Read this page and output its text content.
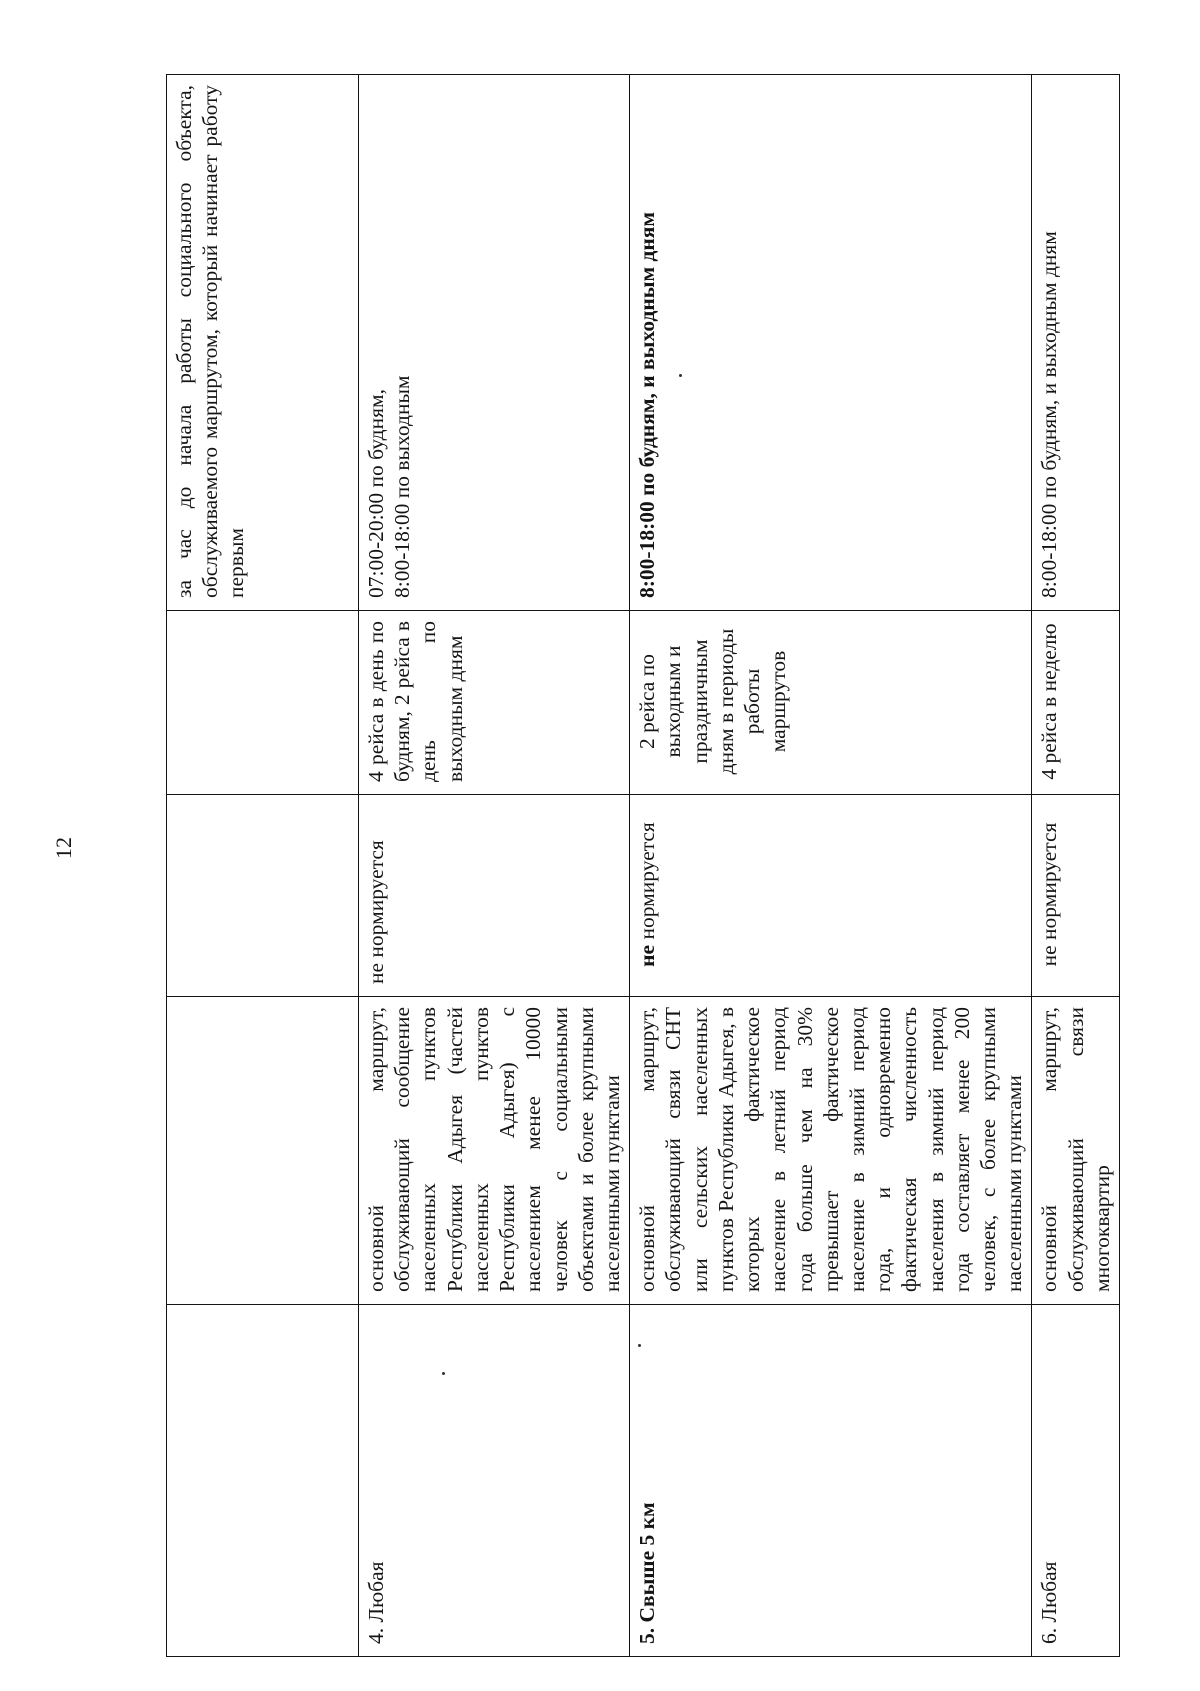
12
				за час до начала работы социального объекта, обслуживаемого маршрутом, который начинает работу первым
4. Любая	основной маршрут, обслуживающий сообщение населенных пунктов Республики Адыгея (частей населенных пунктов Республики Адыгея) с населением менее 10000 человек с социальными объектами и более крупными населенными пунктами	не нормируется	4 рейса в день по будням, 2 рейса в день по выходным дням	07:00-20:00 по будням, 8:00-18:00 по выходным

5. Свыше 5 км	основной маршрут, обслуживающий связи СНТ или сельских населенных пунктов Республики Адыгея, в которых фактическое население в летний период года больше чем на 30% превышает фактическое население в зимний период года, и одновременно фактическая численность населения в зимний период года составляет менее 200 человек, с более крупными населенными пунктами	не нормируется	2 рейса по выходным и праздничным дням в периоды работы маршрутов	8:00-18:00 по будням, и выходным дням
6. Любая	основной маршрут, обслуживающий связи многоквартир	не нормируется	4 рейса в неделю	8:00-18:00 по будням, и выходным дням
